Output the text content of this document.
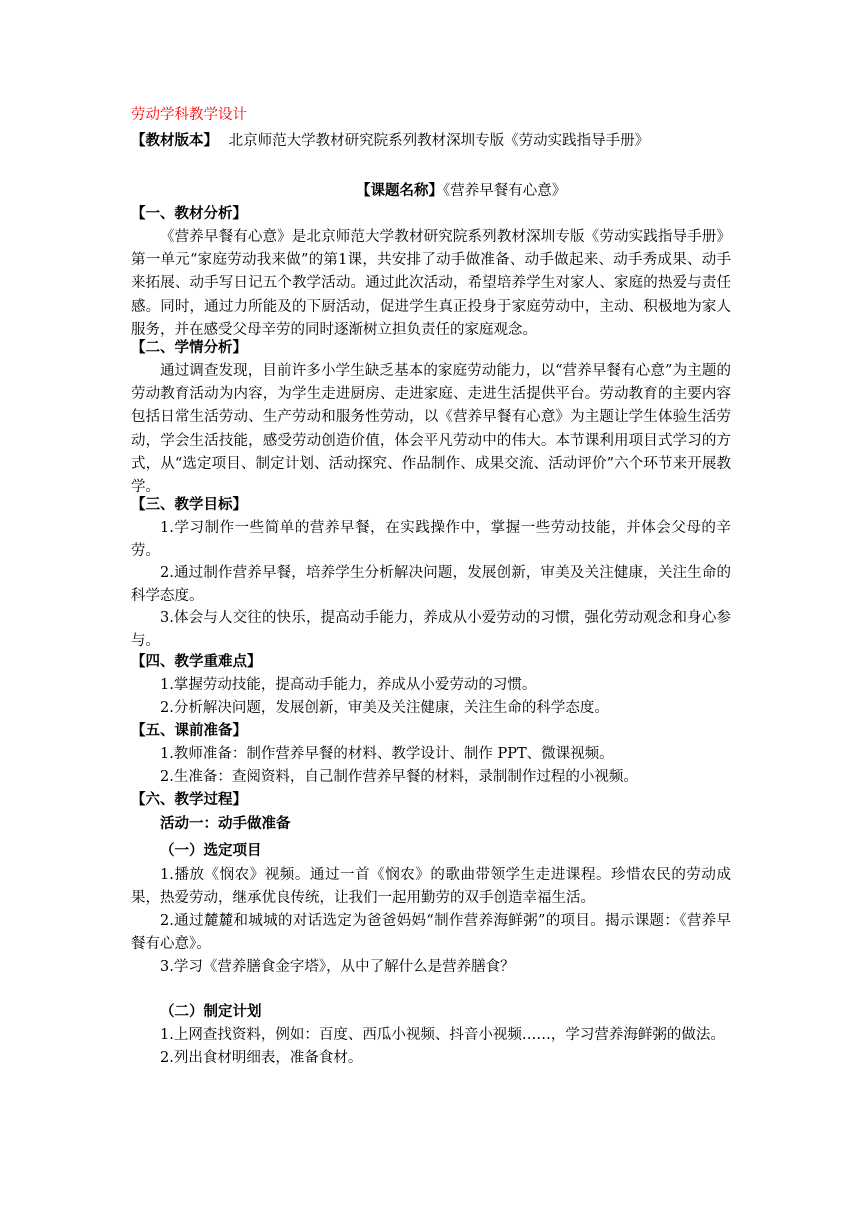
劳动学科教学设计
【教材版本】 北京师范大学教材研究院系列教材深圳专版《劳动实践指导手册》
【课题名称】《营养早餐有心意》
【一、教材分析】
《营养早餐有心意》是北京师范大学教材研究院系列教材深圳专版《劳动实践指导手册》第一单元“家庭劳动我来做”的第1课，共安排了动手做准备、动手做起来、动手秀成果、动手来拓展、动手写日记五个教学活动。通过此次活动，希望培养学生对家人、家庭的热爱与责任感。同时，通过力所能及的下厨活动，促进学生真正投身于家庭劳动中，主动、积极地为家人服务，并在感受父母辛劳的同时逐渐树立担负责任的家庭观念。
【二、学情分析】
通过调查发现，目前许多小学生缺乏基本的家庭劳动能力，以“营养早餐有心意”为主题的劳动教育活动为内容，为学生走进厨房、走进家庭、走进生活提供平台。劳动教育的主要内容包括日常生活劳动、生产劳动和服务性劳动，以《营养早餐有心意》为主题让学生体验生活劳动，学会生活技能，感受劳动创造价值，体会平凡劳动中的伟大。本节课利用项目式学习的方式，从“选定项目、制定计划、活动探究、作品制作、成果交流、活动评价”六个环节来开展教学。
【三、教学目标】
1.学习制作一些简单的营养早餐，在实践操作中，掌握一些劳动技能，并体会父母的辛劳。
2.通过制作营养早餐，培养学生分析解决问题，发展创新，审美及关注健康，关注生命的科学态度。
3.体会与人交往的快乐，提高动手能力，养成从小爱劳动的习惯，强化劳动观念和身心参与。
【四、教学重难点】
1.掌握劳动技能，提高动手能力，养成从小爱劳动的习惯。
2.分析解决问题，发展创新，审美及关注健康，关注生命的科学态度。
【五、课前准备】
1.教师准备：制作营养早餐的材料、教学设计、制作 PPT、微课视频。
2.生准备：查阅资料，自己制作营养早餐的材料，录制制作过程的小视频。
【六、教学过程】
活动一：动手做准备
（一）选定项目
1.播放《悯农》视频。通过一首《悯农》的歌曲带领学生走进课程。珍惜农民的劳动成果，热爱劳动，继承优良传统，让我们一起用勤劳的双手创造幸福生活。
2.通过麓麓和城城的对话选定为爸爸妈妈“制作营养海鲜粥”的项目。揭示课题：《营养早餐有心意》。
3.学习《营养膳食金字塔》，从中了解什么是营养膳食？
（二）制定计划
1.上网查找资料，例如：百度、西瓜小视频、抖音小视频……，学习营养海鲜粥的做法。
2.列出食材明细表，准备食材。
